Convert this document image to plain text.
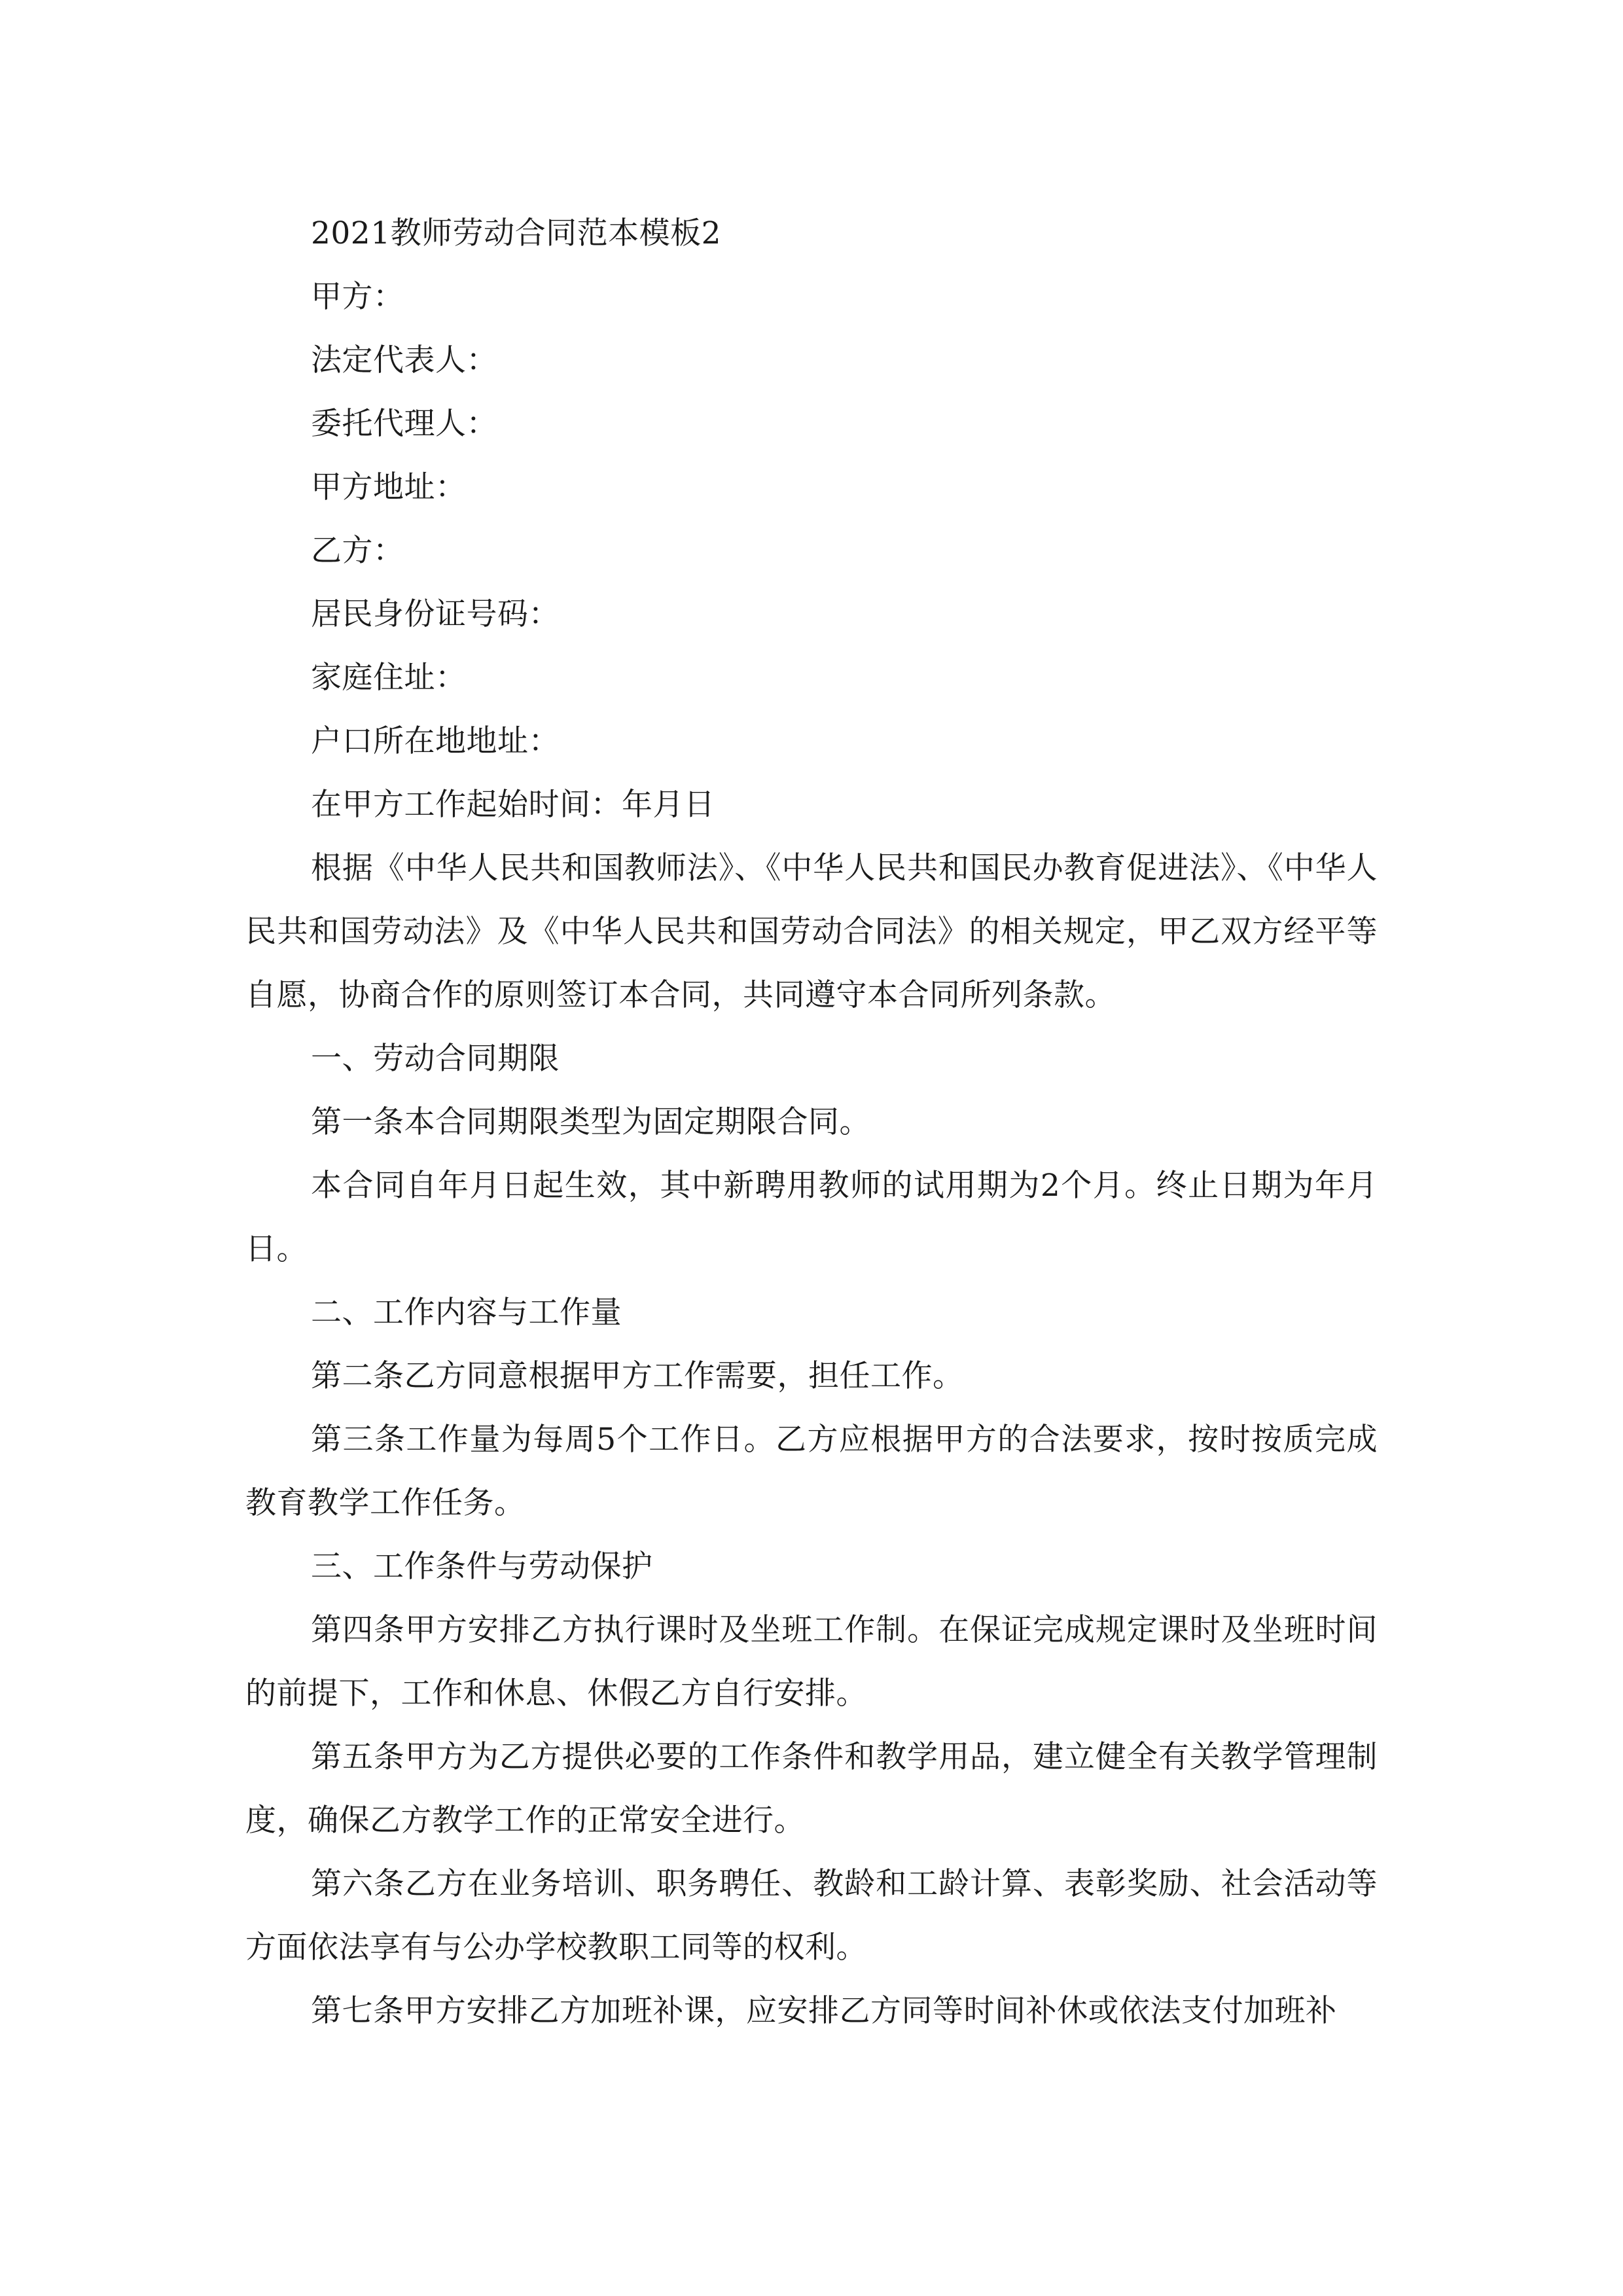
2021教师劳动合同范本模板2
甲方：
法定代表人：
委托代理人：
甲方地址：
乙方：
居民身份证号码：
家庭住址：
户口所在地地址：
在甲方工作起始时间：年月日

根据《中华人民共和国教师法》、《中华人民共和国民办教育促进法》、《中华人民共和国劳动法》及《中华人民共和国劳动合同法》的相关规定，甲乙双方经平等自愿，协商合作的原则签订本合同，共同遵守本合同所列条款。

一、劳动合同期限
第一条本合同期限类型为固定期限合同。

本合同自年月日起生效，其中新聘用教师的试用期为2个月。终止日期为年月日。

二、工作内容与工作量
第二条乙方同意根据甲方工作需要，担任工作。

第三条工作量为每周5个工作日。乙方应根据甲方的合法要求，按时按质完成教育教学工作任务。

三、工作条件与劳动保护

第四条甲方安排乙方执行课时及坐班工作制。在保证完成规定课时及坐班时间的前提下，工作和休息、休假乙方自行安排。

第五条甲方为乙方提供必要的工作条件和教学用品，建立健全有关教学管理制度，确保乙方教学工作的正常安全进行。

第六条乙方在业务培训、职务聘任、教龄和工龄计算、表彰奖励、社会活动等方面依法享有与公办学校教职工同等的权利。

第七条甲方安排乙方加班补课，应安排乙方同等时间补休或依法支付加班补
